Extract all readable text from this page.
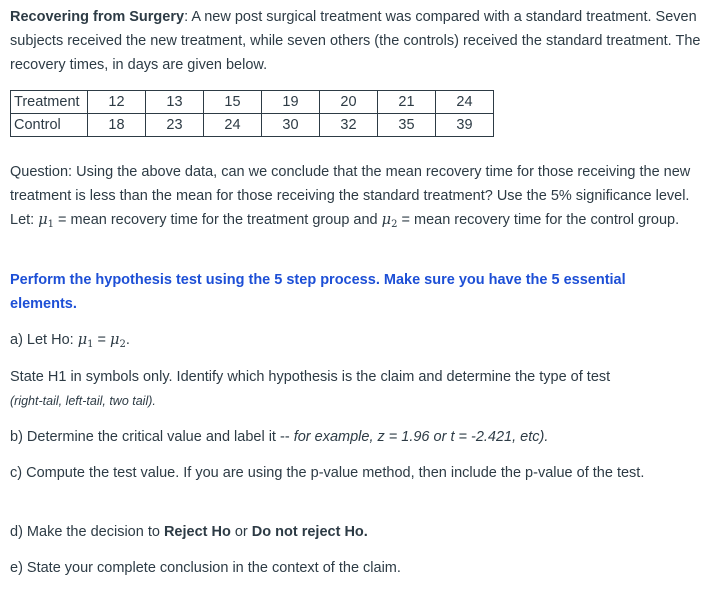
Recovering from Surgery: A new post surgical treatment was compared with a standard treatment. Seven subjects received the new treatment, while seven others (the controls) received the standard treatment. The recovery times, in days are given below.

Treatment	12	13	15	19	20	21	24
Control	18	23	24	30	32	35	39

Question: Using the above data, can we conclude that the mean recovery time for those receiving the new treatment is less than the mean for those receiving the standard treatment? Use the 5% significance level. Let: $\mu_1$ = mean recovery time for the treatment group and $\mu_2$ = mean recovery time for the control group.

Perform the hypothesis test using the 5 step process. Make sure you have the 5 essential elements.

a) Let Ho: $\mu_1 = \mu_2$.

State H1 in symbols only. Identify which hypothesis is the claim and determine the type of test

(right-tail, left-tail, two tail).

b) Determine the critical value and label it -- for example, z = 1.96 or t = -2.421, etc).

c) Compute the test value. If you are using the p-value method, then include the p-value of the test.

d) Make the decision to Reject Ho or Do not reject Ho.

e) State your complete conclusion in the context of the claim.
